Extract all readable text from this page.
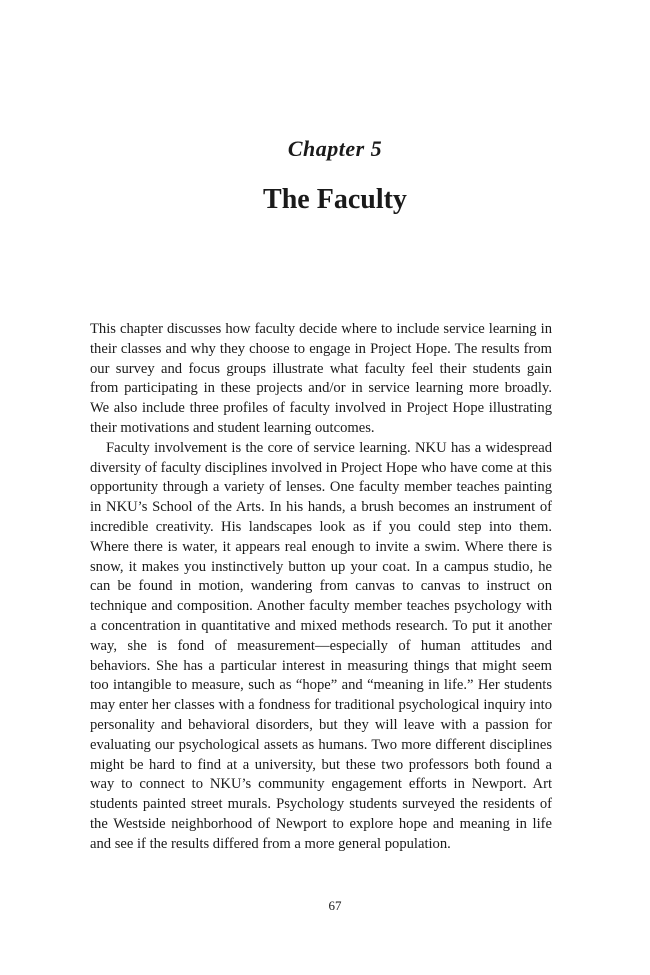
Chapter 5
The Faculty

This chapter discusses how faculty decide where to include service learning in their classes and why they choose to engage in Project Hope. The results from our survey and focus groups illustrate what faculty feel their students gain from participating in these projects and/or in service learning more broadly. We also include three profiles of faculty involved in Project Hope illustrating their motivations and student learning outcomes.

Faculty involvement is the core of service learning. NKU has a widespread diversity of faculty disciplines involved in Project Hope who have come at this opportunity through a variety of lenses. One faculty member teaches painting in NKU’s School of the Arts. In his hands, a brush becomes an instrument of incredible creativity. His landscapes look as if you could step into them. Where there is water, it appears real enough to invite a swim. Where there is snow, it makes you instinctively button up your coat. In a campus studio, he can be found in motion, wandering from canvas to canvas to instruct on technique and composition. Another faculty member teaches psychology with a concentration in quantitative and mixed methods research. To put it another way, she is fond of measurement—especially of human attitudes and behaviors. She has a particular interest in measuring things that might seem too intangible to measure, such as “hope” and “meaning in life.” Her students may enter her classes with a fondness for traditional psychological inquiry into personality and behavioral disorders, but they will leave with a passion for evaluating our psychological assets as humans. Two more different disciplines might be hard to find at a university, but these two professors both found a way to connect to NKU’s community engagement efforts in Newport. Art students painted street murals. Psychology students surveyed the residents of the Westside neighborhood of Newport to explore hope and meaning in life and see if the results differed from a more general population.

67
